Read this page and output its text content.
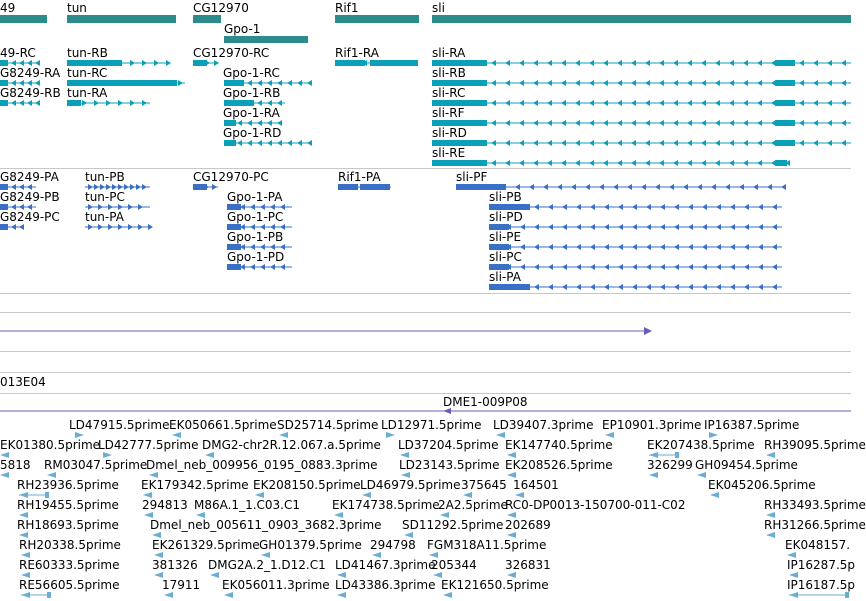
49	tun	CG12970
Gpo-1
Rif1	sli
49-RC
G8249-RA
G8249-RB
tun-RB
tun-RC
tun-RA
CG12970-RC
Gpo-1-RC
Gpo-1-RB
Gpo-1-RA
Gpo-1-RD
Rif1-RA	sli-RA
sli-RB
sli-RC
sli-RF
sli-RD
sli-RE
G8249-PA
G8249-PB
G8249-PC
tun-PB
tun-PC
tun-PA
CG12970-PC
Gpo-1-PA
Gpo-1-PC
Gpo-1-PB
Gpo-1-PD
Rif1-PA	sli-PF
sli-PB
sli-PD
sli-PE
sli-PC
sli-PA
013E04
DME1-009P08
LD47915.5prime EK050661.5prime SD25714.5prime LD12971.5prime LD39407.3prime EP10901.3prime IP16387.5prime
EK01380.5prime
LD42777.5prime DMG2-chr2R.12.067.a.5prime LD37204.5prime EK147740.5prime	EK207438.5prime RH39095.5prime
5818 RM03047.5prime
Dmel_neb_009956_0195_0883.3prime LD23143.5prime EK208526.5prime	326299 GH09454.5prime
RH23936.5prime EK179342.5prime EK208150.5prime LD46979.5prime 375645 164501	EK045206.5prime
RH19455.5prime 294813 M86A.1_1.C03.C1	EK174738.5prime
2A2.5prime
RC0-DP0013-150700-011-C02	RH33493.5prime
RH18693.5prime	Dmel_neb_005611_0903_3682.3prime SD11292.5prime 202689	RH31266.5prime
RH20338.5prime	EK261329.5prime GH01379.5prime 294798 FGM318A11.5prime	EK048157.
RE60333.5prime	381326 DMG2A.2_1.D12.C1 LD41467.3prime
205344 326831	IP16287.5p
RE56605.5prime	17911 EK056011.3prime LD43386.3prime EK121650.5prime	IP16187.5p
